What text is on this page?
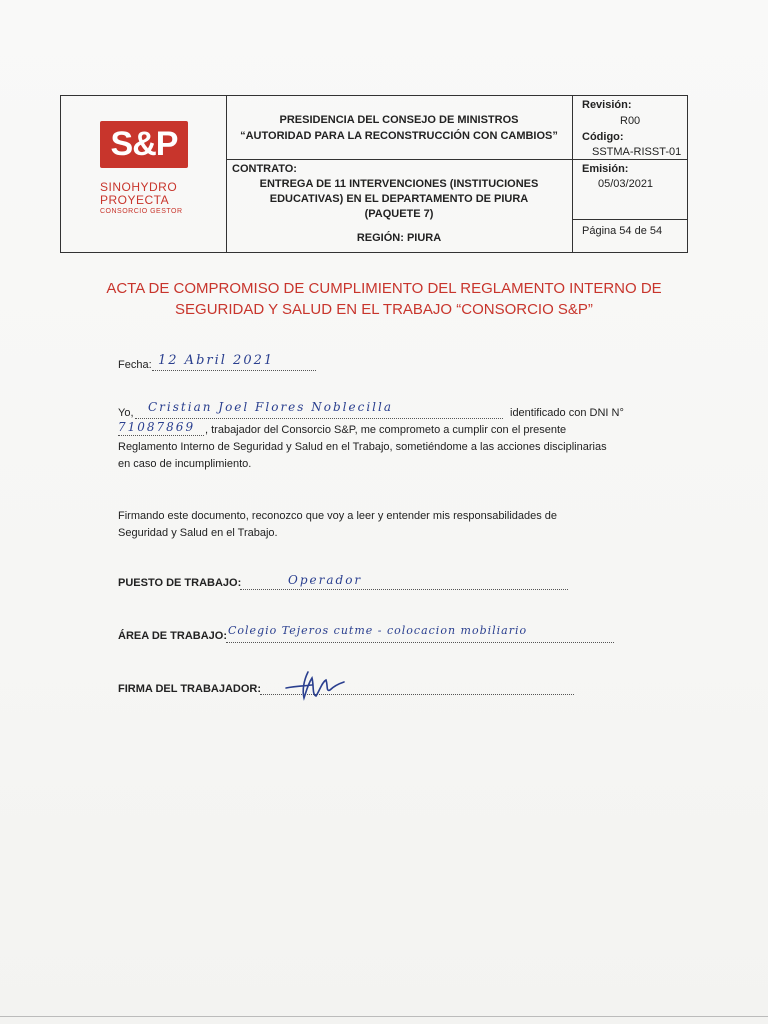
S&P
SINOHYDRO
PROYECTA
CONSORCIO GESTOR
PRESIDENCIA DEL CONSEJO DE MINISTROS
“AUTORIDAD PARA LA RECONSTRUCCIÓN CON CAMBIOS”
CONTRATO:
ENTREGA DE 11 INTERVENCIONES (INSTITUCIONES
EDUCATIVAS) EN EL DEPARTAMENTO DE PIURA
(PAQUETE 7)
REGIÓN: PIURA
Revisión:
R00
Código:
SSTMA-RISST-01
Emisión:
05/03/2021
Página 54 de 54
ACTA DE COMPROMISO DE CUMPLIMIENTO DEL REGLAMENTO INTERNO DE
SEGURIDAD Y SALUD EN EL TRABAJO “CONSORCIO S&P”
Fecha: 12 Abril 2021
Yo, Cristian Joel Flores Noblecilla	identificado con DNI N°
71087869 , trabajador del Consorcio S&P, me comprometo a cumplir con el presente
Reglamento Interno de Seguridad y Salud en el Trabajo, sometiéndome a las acciones disciplinarias
en caso de incumplimiento.
Firmando este documento, reconozco que voy a leer y entender mis responsabilidades de
Seguridad y Salud en el Trabajo.
PUESTO DE TRABAJO:	Operador
ÁREA DE TRABAJO: Colegio Tejeros cutme - colocacion mobiliario
FIRMA DEL TRABAJADOR:
